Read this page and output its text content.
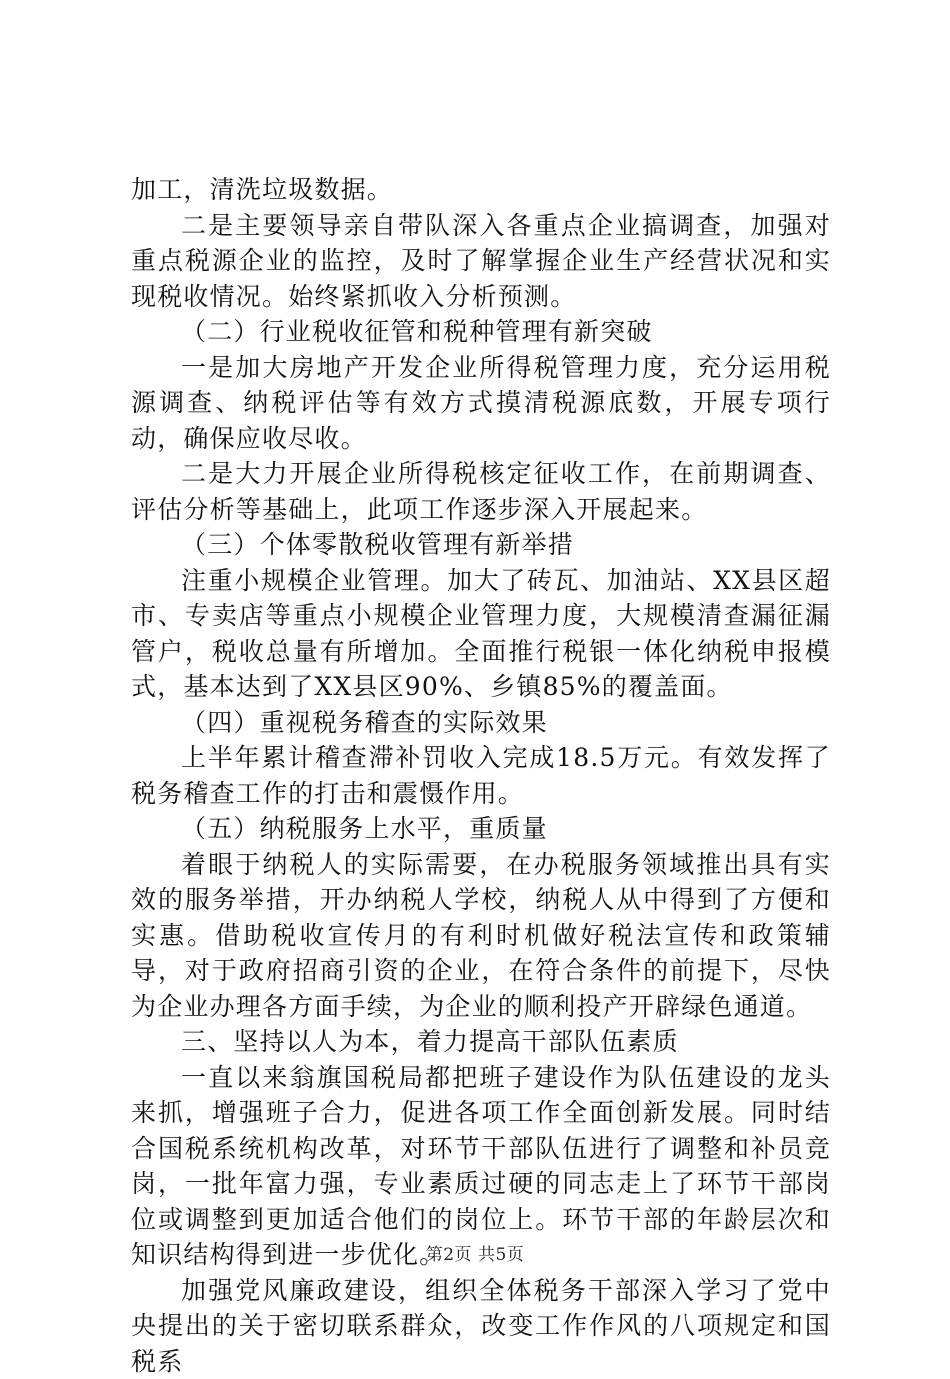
加工，清洗垃圾数据。

二是主要领导亲自带队深入各重点企业搞调查，加强对重点税源企业的监控，及时了解掌握企业生产经营状况和实现税收情况。始终紧抓收入分析预测。

（二）行业税收征管和税种管理有新突破

一是加大房地产开发企业所得税管理力度，充分运用税源调查、纳税评估等有效方式摸清税源底数，开展专项行动，确保应收尽收。

二是大力开展企业所得税核定征收工作，在前期调查、评估分析等基础上，此项工作逐步深入开展起来。

（三）个体零散税收管理有新举措

注重小规模企业管理。加大了砖瓦、加油站、XX县区超市、专卖店等重点小规模企业管理力度，大规模清查漏征漏管户，税收总量有所增加。全面推行税银一体化纳税申报模式，基本达到了XX县区90%、乡镇85%的覆盖面。

（四）重视税务稽查的实际效果

上半年累计稽查滞补罚收入完成18.5万元。有效发挥了税务稽查工作的打击和震慑作用。

（五）纳税服务上水平，重质量

着眼于纳税人的实际需要，在办税服务领域推出具有实效的服务举措，开办纳税人学校，纳税人从中得到了方便和实惠。借助税收宣传月的有利时机做好税法宣传和政策辅导，对于政府招商引资的企业，在符合条件的前提下，尽快为企业办理各方面手续，为企业的顺利投产开辟绿色通道。

三、坚持以人为本，着力提高干部队伍素质

一直以来翁旗国税局都把班子建设作为队伍建设的龙头来抓，增强班子合力，促进各项工作全面创新发展。同时结合国税系统机构改革，对环节干部队伍进行了调整和补员竞岗，一批年富力强，专业素质过硬的同志走上了环节干部岗位或调整到更加适合他们的岗位上。环节干部的年龄层次和知识结构得到进一步优化。

加强党风廉政建设，组织全体税务干部深入学习了党中央提出的关于密切联系群众，改变工作作风的八项规定和国税系

第2页 共5页
